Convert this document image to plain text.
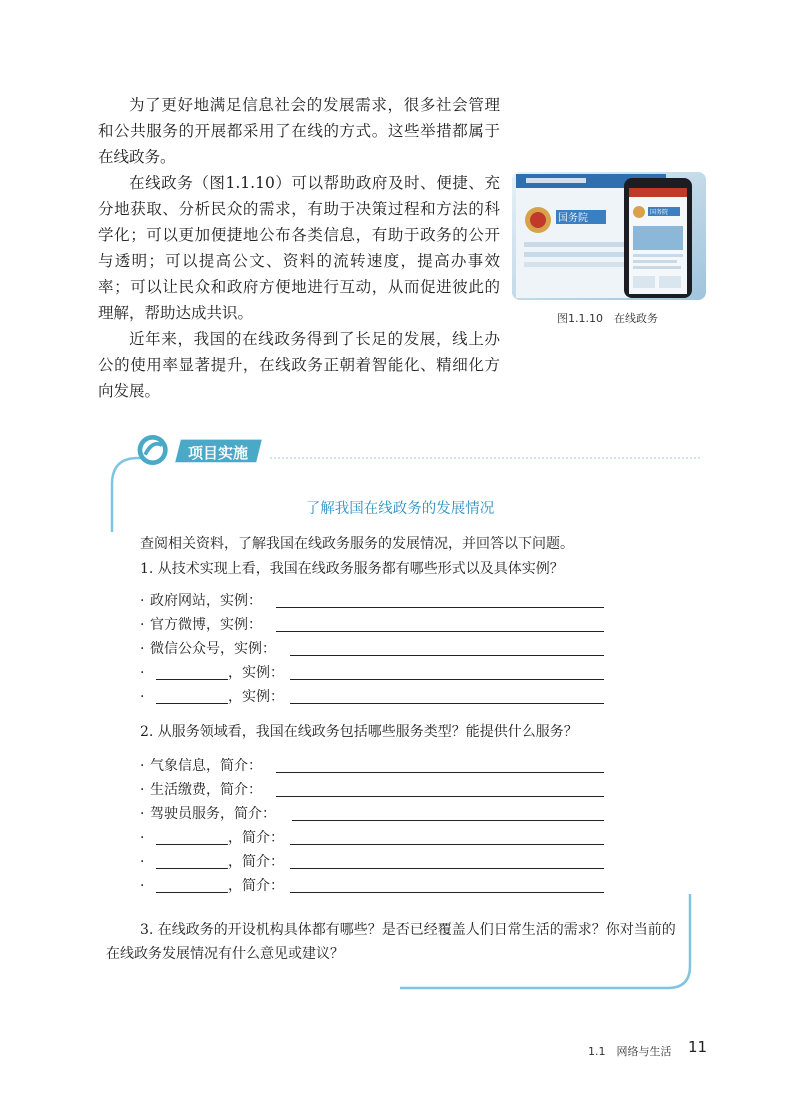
为了更好地满足信息社会的发展需求，很多社会管理和公共服务的开展都采用了在线的方式。这些举措都属于在线政务。

在线政务（图1.1.10）可以帮助政府及时、便捷、充分地获取、分析民众的需求，有助于决策过程和方法的科学化；可以更加便捷地公布各类信息，有助于政务的公开与透明；可以提高公文、资料的流转速度，提高办事效率；可以让民众和政府方便地进行互动，从而促进彼此的理解，帮助达成共识。

近年来，我国的在线政务得到了长足的发展，线上办公的使用率显著提升，在线政务正朝着智能化、精细化方向发展。

国务院
国务院
图1.1.10　在线政务
项目实施
了解我国在线政务的发展情况

查阅相关资料，了解我国在线政务服务的发展情况，并回答以下问题。

1. 从技术实现上看，我国在线政务服务都有哪些形式以及具体实例？

· 政府网站，实例：
· 官方微博，实例：
· 微信公众号，实例：
·	，实例：
·	，实例：

2. 从服务领域看，我国在线政务包括哪些服务类型？能提供什么服务？

· 气象信息，简介：
· 生活缴费，简介：
· 驾驶员服务，简介：
·	，简介：
·	，简介：
·	，简介：

3. 在线政务的开设机构具体都有哪些？是否已经覆盖人们日常生活的需求？你对当前的在线政务发展情况有什么意见或建议？

1.1　网络与生活 11
